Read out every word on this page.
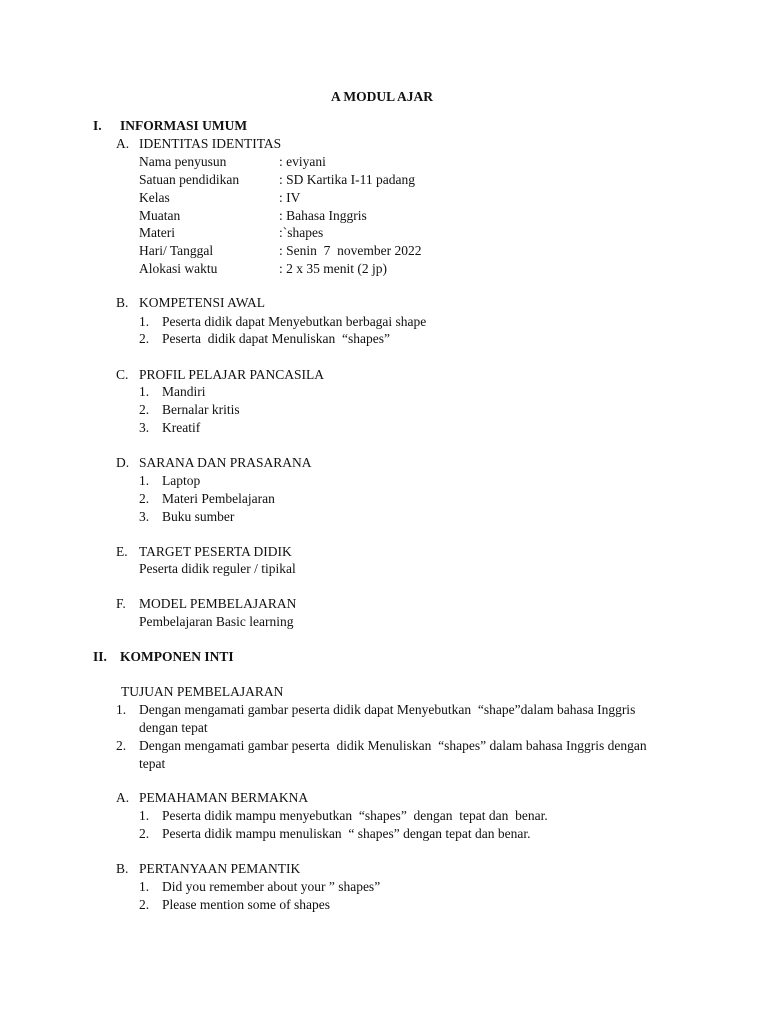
A MODUL AJAR
I. INFORMASI UMUM
A. IDENTITAS IDENTITAS
Nama penyusun	: eviyani
Satuan pendidikan	: SD Kartika I-11 padang
Kelas	: IV
Muatan	: Bahasa Inggris
Materi	:`shapes
Hari/ Tanggal	: Senin  7  november 2022
Alokasi waktu	: 2 x 35 menit (2 jp)
B. KOMPETENSI AWAL
1. Peserta didik dapat Menyebutkan berbagai shape
2. Peserta  didik dapat Menuliskan  “shapes”
C. PROFIL PELAJAR PANCASILA
1. Mandiri
2. Bernalar kritis
3. Kreatif
D. SARANA DAN PRASARANA
1. Laptop
2. Materi Pembelajaran
3. Buku sumber
E. TARGET PESERTA DIDIK
Peserta didik reguler / tipikal
F. MODEL PEMBELAJARAN
Pembelajaran Basic learning
II. KOMPONEN INTI
TUJUAN PEMBELAJARAN
1. Dengan mengamati gambar peserta didik dapat Menyebutkan  “shape”dalam bahasa Inggris
dengan tepat
2. Dengan mengamati gambar peserta  didik Menuliskan  “shapes” dalam bahasa Inggris dengan
tepat
A. PEMAHAMAN BERMAKNA
1. Peserta didik mampu menyebutkan  “shapes”  dengan  tepat dan  benar.
2. Peserta didik mampu menuliskan  “ shapes” dengan tepat dan benar.
B. PERTANYAAN PEMANTIK
1. Did you remember about your ” shapes”
2. Please mention some of shapes
